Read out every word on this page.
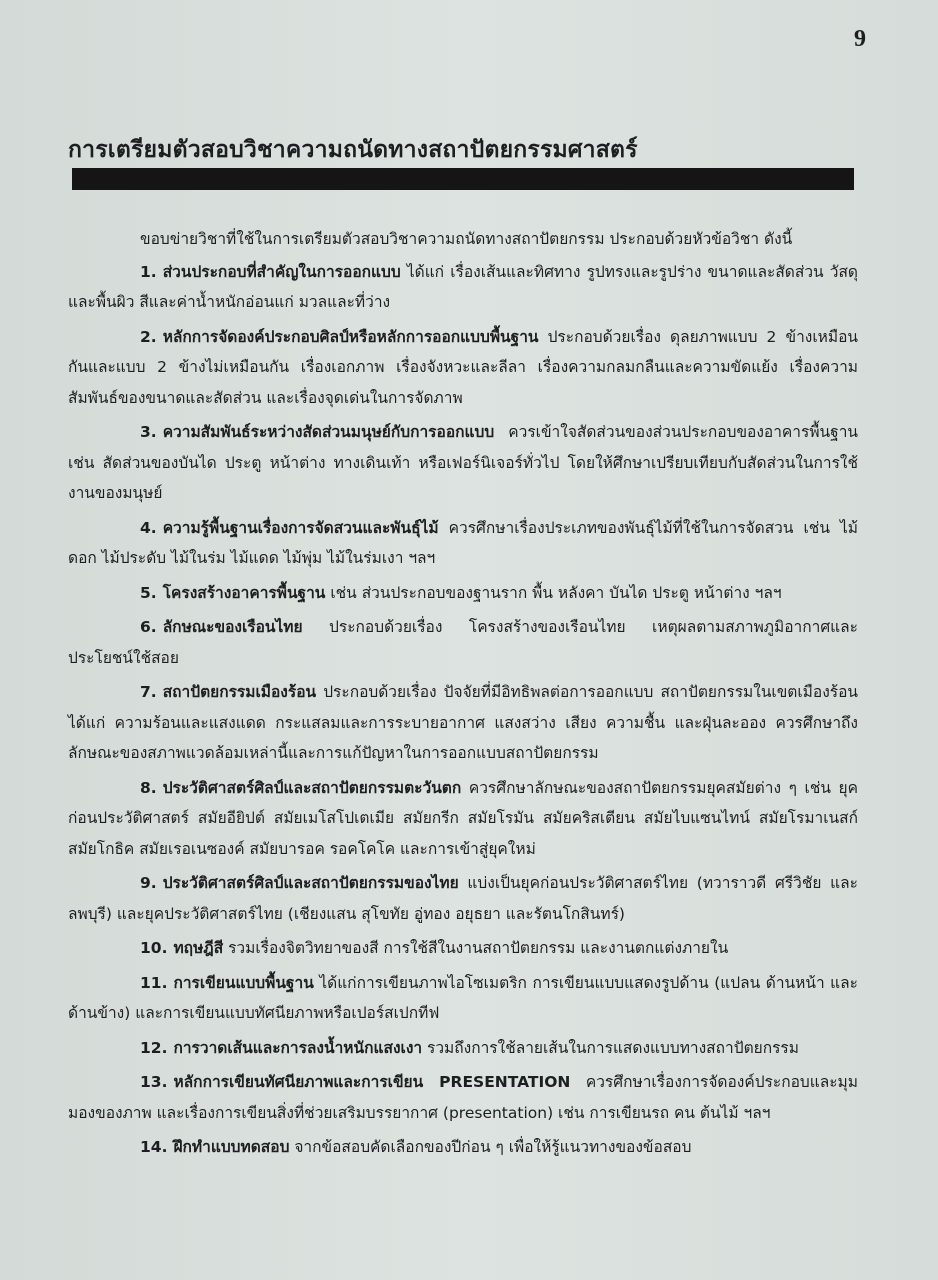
9
การเตรียมตัวสอบวิชาความถนัดทางสถาปัตยกรรมศาสตร์

ขอบข่ายวิชาที่ใช้ในการเตรียมตัวสอบวิชาความถนัดทางสถาปัตยกรรม ประกอบด้วยหัวข้อวิชา ดังนี้

1. ส่วนประกอบที่สำคัญในการออกแบบ ได้แก่ เรื่องเส้นและทิศทาง รูปทรงและรูปร่าง ขนาดและสัดส่วน วัสดุและพื้นผิว สีและค่าน้ำหนักอ่อนแก่ มวลและที่ว่าง

2. หลักการจัดองค์ประกอบศิลป์หรือหลักการออกแบบพื้นฐาน ประกอบด้วยเรื่อง ดุลยภาพแบบ 2 ข้างเหมือนกันและแบบ 2 ข้างไม่เหมือนกัน เรื่องเอกภาพ เรื่องจังหวะและลีลา เรื่องความกลมกลืนและความขัดแย้ง เรื่องความสัมพันธ์ของขนาดและสัดส่วน และเรื่องจุดเด่นในการจัดภาพ

3. ความสัมพันธ์ระหว่างสัดส่วนมนุษย์กับการออกแบบ ควรเข้าใจสัดส่วนของส่วนประกอบของอาคารพื้นฐาน เช่น สัดส่วนของบันได ประตู หน้าต่าง ทางเดินเท้า หรือเฟอร์นิเจอร์ทั่วไป โดยให้ศึกษาเปรียบเทียบกับสัดส่วนในการใช้งานของมนุษย์

4. ความรู้พื้นฐานเรื่องการจัดสวนและพันธุ์ไม้ ควรศึกษาเรื่องประเภทของพันธุ์ไม้ที่ใช้ในการจัดสวน เช่น ไม้ดอก ไม้ประดับ ไม้ในร่ม ไม้แดด ไม้พุ่ม ไม้ในร่มเงา ฯลฯ

5. โครงสร้างอาคารพื้นฐาน เช่น ส่วนประกอบของฐานราก พื้น หลังคา บันได ประตู หน้าต่าง ฯลฯ

6. ลักษณะของเรือนไทย ประกอบด้วยเรื่อง โครงสร้างของเรือนไทย เหตุผลตามสภาพภูมิอากาศและประโยชน์ใช้สอย

7. สถาปัตยกรรมเมืองร้อน ประกอบด้วยเรื่อง ปัจจัยที่มีอิทธิพลต่อการออกแบบ สถาปัตยกรรมในเขตเมืองร้อน ได้แก่ ความร้อนและแสงแดด กระแสลมและการระบายอากาศ แสงสว่าง เสียง ความชื้น และฝุ่นละออง ควรศึกษาถึงลักษณะของสภาพแวดล้อมเหล่านี้และการแก้ปัญหาในการออกแบบสถาปัตยกรรม

8. ประวัติศาสตร์ศิลป์และสถาปัตยกรรมตะวันตก ควรศึกษาลักษณะของสถาปัตยกรรมยุคสมัยต่าง ๆ เช่น ยุคก่อนประวัติศาสตร์ สมัยอียิปต์ สมัยเมโสโปเตเมีย สมัยกรีก สมัยโรมัน สมัยคริสเตียน สมัยไบแซนไทน์ สมัยโรมาเนสก์ สมัยโกธิค สมัยเรอเนซองค์ สมัยบารอค รอคโคโค และการเข้าสู่ยุคใหม่

9. ประวัติศาสตร์ศิลป์และสถาปัตยกรรมของไทย แบ่งเป็นยุคก่อนประวัติศาสตร์ไทย (ทวาราวดี ศรีวิชัย และลพบุรี) และยุคประวัติศาสตร์ไทย (เชียงแสน สุโขทัย อู่ทอง อยุธยา และรัตนโกสินทร์)

10. ทฤษฎีสี รวมเรื่องจิตวิทยาของสี การใช้สีในงานสถาปัตยกรรม และงานตกแต่งภายใน

11. การเขียนแบบพื้นฐาน ได้แก่การเขียนภาพไอโซเมตริก การเขียนแบบแสดงรูปด้าน (แปลน ด้านหน้า และด้านข้าง) และการเขียนแบบทัศนียภาพหรือเปอร์สเปกทีฟ

12. การวาดเส้นและการลงน้ำหนักแสงเงา รวมถึงการใช้ลายเส้นในการแสดงแบบทางสถาปัตยกรรม

13. หลักการเขียนทัศนียภาพและการเขียน PRESENTATION ควรศึกษาเรื่องการจัดองค์ประกอบและมุมมองของภาพ และเรื่องการเขียนสิ่งที่ช่วยเสริมบรรยากาศ (presentation) เช่น การเขียนรถ คน ต้นไม้ ฯลฯ

14. ฝึกทำแบบทดสอบ จากข้อสอบคัดเลือกของปีก่อน ๆ เพื่อให้รู้แนวทางของข้อสอบ
